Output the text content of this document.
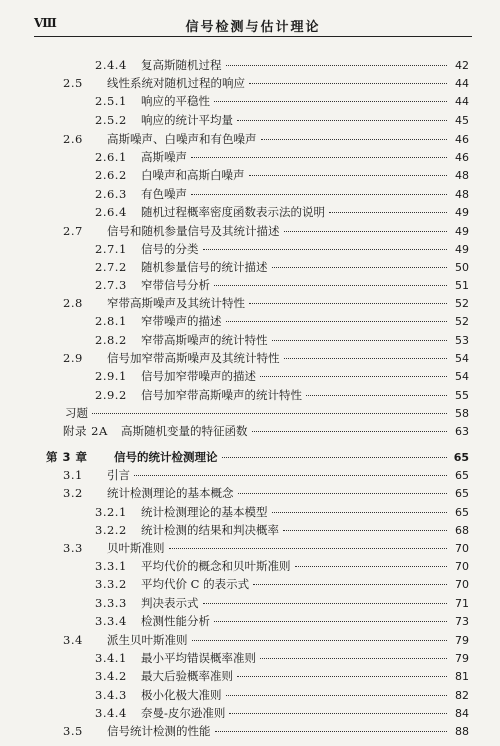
Ⅷ	信号检测与估计理论
2.4.4	复高斯随机过程	42
2.5	线性系统对随机过程的响应	44
2.5.1	响应的平稳性	44
2.5.2	响应的统计平均量	45
2.6	高斯噪声、白噪声和有色噪声	46
2.6.1	高斯噪声	46
2.6.2	白噪声和高斯白噪声	48
2.6.3	有色噪声	48
2.6.4	随机过程概率密度函数表示法的说明	49
2.7	信号和随机参量信号及其统计描述	49
2.7.1	信号的分类	49
2.7.2	随机参量信号的统计描述	50
2.7.3	窄带信号分析	51
2.8	窄带高斯噪声及其统计特性	52
2.8.1	窄带噪声的描述	52
2.8.2	窄带高斯噪声的统计特性	53
2.9	信号加窄带高斯噪声及其统计特性	54
2.9.1	信号加窄带噪声的描述	54
2.9.2	信号加窄带高斯噪声的统计特性	55
习题	58
附录 2A	高斯随机变量的特征函数	63
第 3 章	信号的统计检测理论	65
3.1	引言	65
3.2	统计检测理论的基本概念	65
3.2.1	统计检测理论的基本模型	65
3.2.2	统计检测的结果和判决概率	68
3.3	贝叶斯准则	70
3.3.1	平均代价的概念和贝叶斯准则	70
3.3.2	平均代价 C 的表示式	70
3.3.3	判决表示式	71
3.3.4	检测性能分析	73
3.4	派生贝叶斯准则	79
3.4.1	最小平均错误概率准则	79
3.4.2	最大后验概率准则	81
3.4.3	极小化极大准则	82
3.4.4	奈曼-皮尔逊准则	84
3.5	信号统计检测的性能	88
